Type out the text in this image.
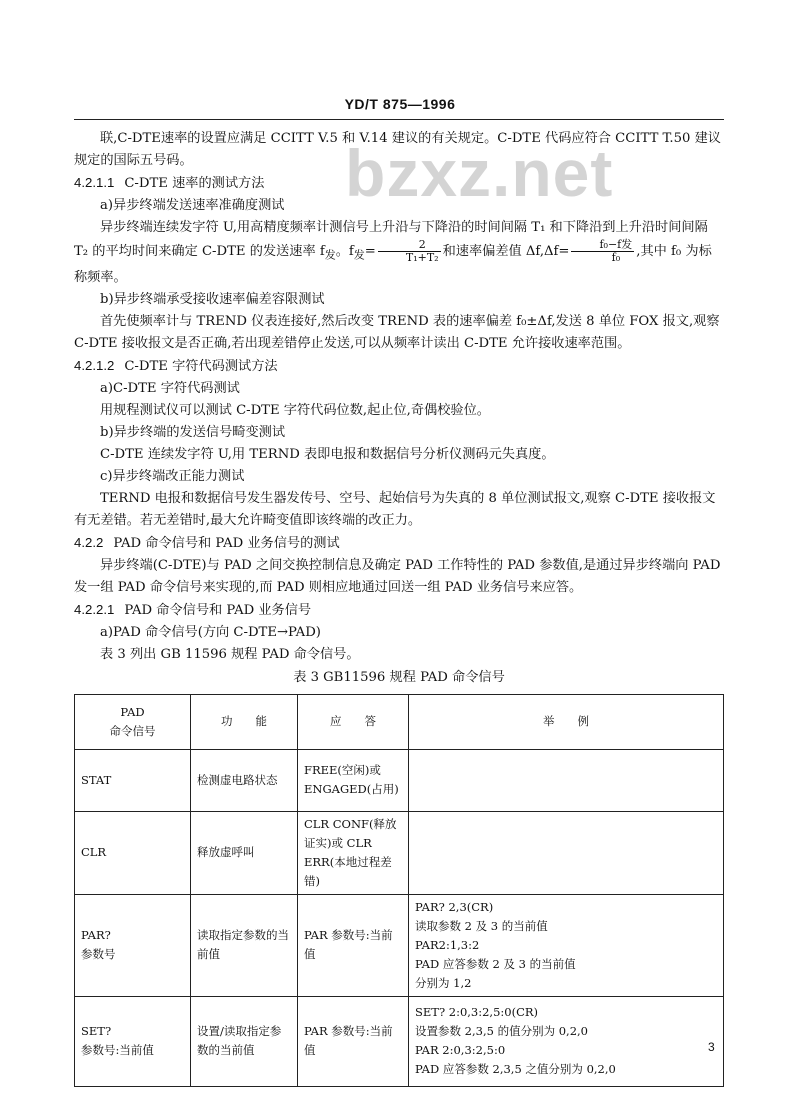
YD/T 875—1996
bzxz.net

联,C-DTE速率的设置应满足 CCITT V.5 和 V.14 建议的有关规定。C-DTE 代码应符合 CCITT T.50 建议规定的国际五号码。

4.2.1.1 C-DTE 速率的测试方法

a)异步终端发送速率准确度测试

异步终端连续发字符 U,用高精度频率计测信号上升沿与下降沿的时间间隔 T₁ 和下降沿到上升沿时间间隔 T₂ 的平均时间来确定 C-DTE 的发送速率 $f_发$。$f_发= \frac{2}{\text{T₁+T₂}}$ 和速率偏差值 $\Delta f,\Delta f= \frac{\text{f₀−f发}}{\text{f₀}}$ ,其中 f₀ 为标称频率。

b)异步终端承受接收速率偏差容限测试

首先使频率计与 TREND 仪表连接好,然后改变 TREND 表的速率偏差 f₀±Δf,发送 8 单位 FOX 报文,观察 C-DTE 接收报文是否正确,若出现差错停止发送,可以从频率计读出 C-DTE 允许接收速率范围。

4.2.1.2 C-DTE 字符代码测试方法

a)C-DTE 字符代码测试

用规程测试仪可以测试 C-DTE 字符代码位数,起止位,奇偶校验位。

b)异步终端的发送信号畸变测试

C-DTE 连续发字符 U,用 TERND 表即电报和数据信号分析仪测码元失真度。

c)异步终端改正能力测试

TERND 电报和数据信号发生器发传号、空号、起始信号为失真的 8 单位测试报文,观察 C-DTE 接收报文有无差错。若无差错时,最大允许畸变值即该终端的改正力。

4.2.2 PAD 命令信号和 PAD 业务信号的测试

异步终端(C-DTE)与 PAD 之间交换控制信息及确定 PAD 工作特性的 PAD 参数值,是通过异步终端向 PAD 发一组 PAD 命令信号来实现的,而 PAD 则相应地通过回送一组 PAD 业务信号来应答。

4.2.2.1 PAD 命令信号和 PAD 业务信号

a)PAD 命令信号(方向 C-DTE→PAD)

表 3 列出 GB 11596 规程 PAD 命令信号。

表 3 GB11596 规程 PAD 命令信号
PAD
命令信号	功　　能	应　　答	举　　例
STAT	检测虚电路状态	FREE(空闲)或 ENGAGED(占用)	
CLR	释放虚呼叫	CLR CONF(释放证实)或 CLR ERR(本地过程差错)	
PAR?
参数号	读取指定参数的当前值	PAR 参数号:当前值	PAR? 2,3(CR)
读取参数 2 及 3 的当前值
PAR2:1,3:2
PAD 应答参数 2 及 3 的当前值
分别为 1,2
SET?
参数号:当前值	设置/读取指定参数的当前值	PAR 参数号:当前值	SET? 2:0,3:2,5:0(CR)
设置参数 2,3,5 的值分别为 0,2,0
PAR 2:0,3:2,5:0
PAD 应答参数 2,3,5 之值分别为 0,2,0
3
